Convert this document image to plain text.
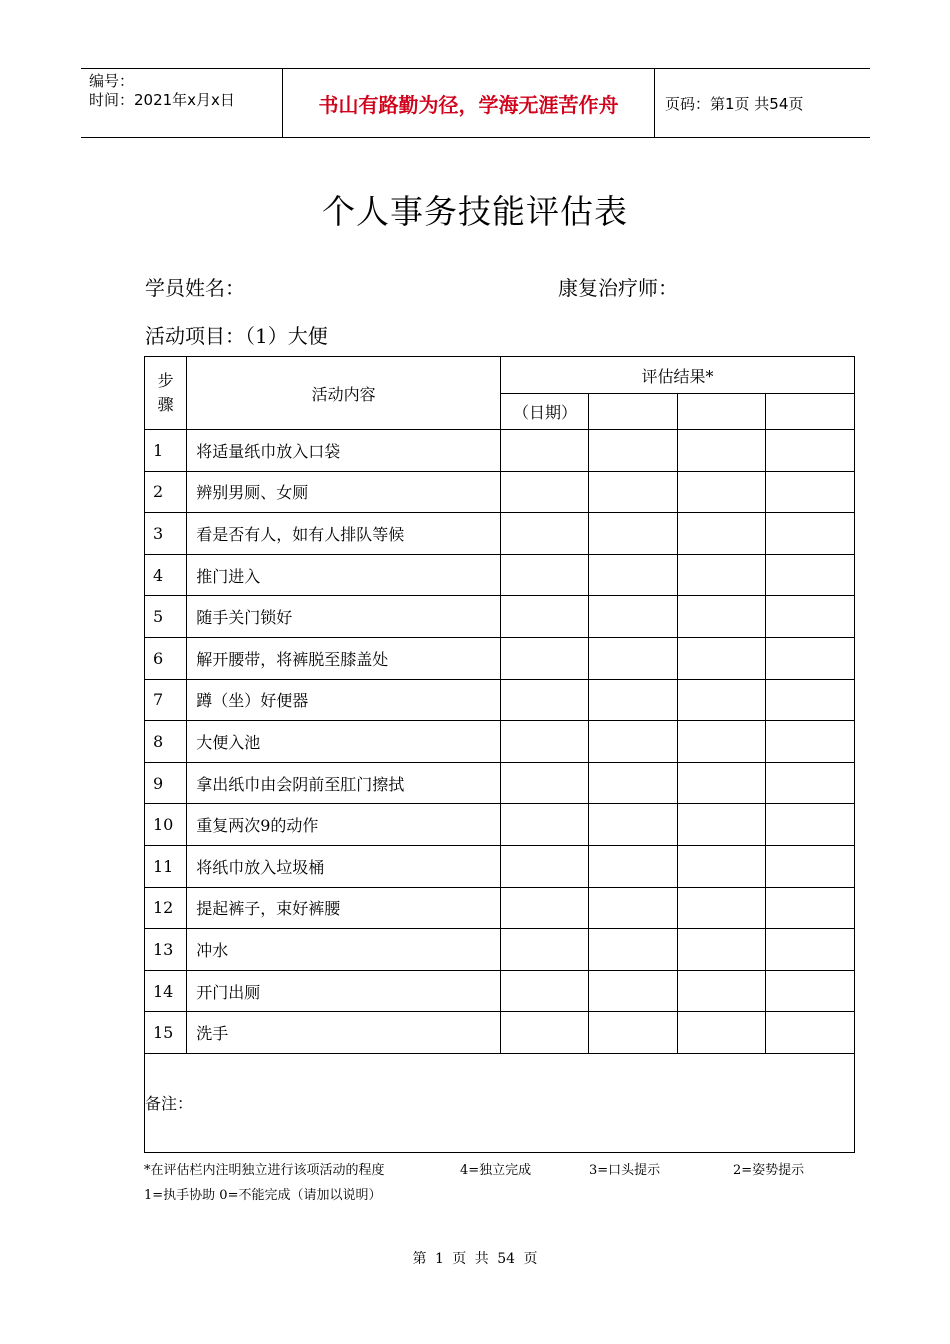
编号：
时间：2021年x月x日	书山有路勤为径，学海无涯苦作舟	页码：第1页 共54页
个人事务技能评估表
学员姓名：	康复治疗师：
活动项目：（1）大便
步
骤	活动内容	评估结果*			
		（日期）			
1	将适量纸巾放入口袋				
2	辨别男厕、女厕				
3	看是否有人，如有人排队等候				
4	推门进入				
5	随手关门锁好				
6	解开腰带，将裤脱至膝盖处				
7	蹲（坐）好便器				
8	大便入池				
9	拿出纸巾由会阴前至肛门擦拭				
10	重复两次9的动作				
11	将纸巾放入垃圾桶				
12	提起裤子，束好裤腰				
13	冲水				
14	开门出厕				
15	洗手				
备注：					
*在评估栏内注明独立进行该项活动的程度	4=独立完成	3=口头提示	2=姿势提示
1=执手协助 0=不能完成（请加以说明）
第 1 页 共 54 页
